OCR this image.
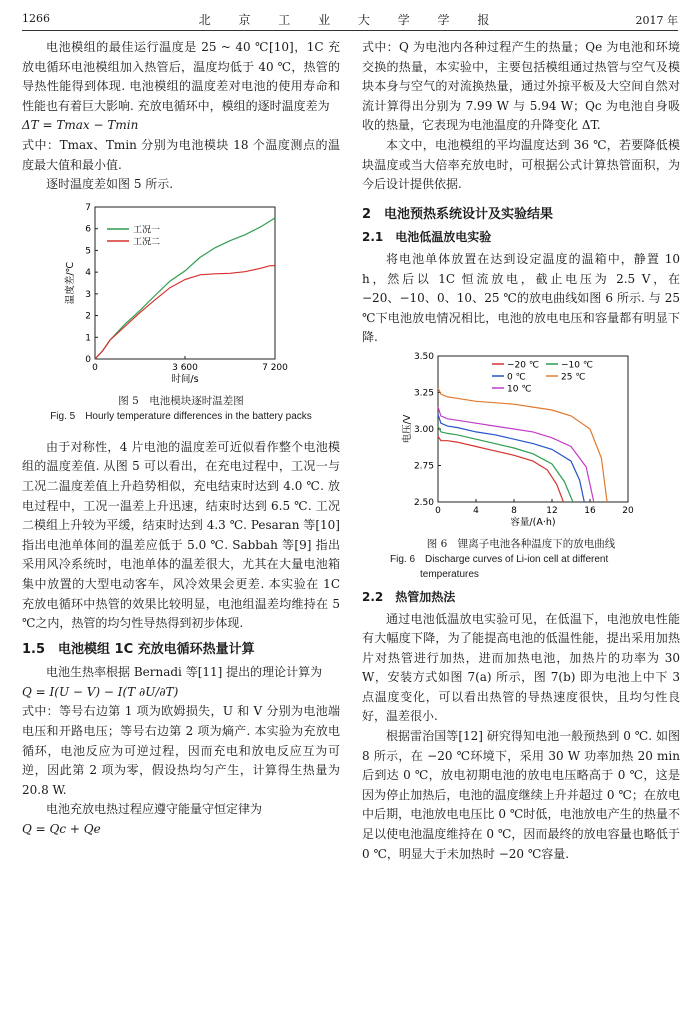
1266	北 京 工 业 大 学 学 报	2017 年

电池模组的最佳运行温度是 25 ~ 40 ℃[10]，1C 充放电循环电池模组加入热管后，温度均低于 40 ℃，热管的导热性能得到体现. 电池模组的温度差对电池的使用寿命和性能也有着巨大影响. 充放电循环中，模组的逐时温度差为

ΔT = Tmax − Tmin

式中：Tmax、Tmin 分别为电池模块 18 个温度测点的温度最大值和最小值.

逐时温度差如图 5 所示.

0	3 600	7 200
0
1
2
3
4
5
6
7
时间/s
温度差/℃
工况一
工况二
图 5　电池模块逐时温差图
Fig. 5　Hourly temperature differences in the battery packs

由于对称性，4 片电池的温度差可近似看作整个电池模组的温度差值. 从图 5 可以看出，在充电过程中，工况一与工况二温度差值上升趋势相似，充电结束时达到 4.0 ℃. 放电过程中，工况一温差上升迅速，结束时达到 6.5 ℃. 工况二模组上升较为平缓，结束时达到 4.3 ℃. Pesaran 等[10] 指出电池单体间的温差应低于 5.0 ℃. Sabbah 等[9] 指出采用风冷系统时，电池单体的温差很大，尤其在大量电池箱集中放置的大型电动客车，风冷效果会更差. 本实验在 1C 充放电循环中热管的效果比较明显，电池组温差均维持在 5 ℃之内，热管的均匀性导热得到初步体现.

1.5　电池模组 1C 充放电循环热量计算

电池生热率根据 Bernadi 等[11] 提出的理论计算为

Q = I(U − V) − I(T ∂U/∂T)

式中：等号右边第 1 项为欧姆损失，U 和 V 分别为电池端电压和开路电压；等号右边第 2 项为熵产. 本实验为充放电循环，电池反应为可逆过程，因而充电和放电反应互为可逆，因此第 2 项为零，假设热均匀产生，计算得生热量为 20.8 W.

电池充放电热过程应遵守能量守恒定律为

Q = Qc + Qe

式中：Q 为电池内各种过程产生的热量；Qe 为电池和环境交换的热量，本实验中，主要包括模组通过热管与空气及模块本身与空气的对流换热量，通过外掠平板及大空间自然对流计算得出分别为 7.99 W 与 5.94 W；Qc 为电池自身吸收的热量，它表现为电池温度的升降变化 ΔT.

本文中，电池模组的平均温度达到 36 ℃，若要降低模块温度或当大倍率充放电时，可根据公式计算热管面积，为今后设计提供依据.

2　电池预热系统设计及实验结果
2.1　电池低温放电实验

将电池单体放置在达到设定温度的温箱中，静置 10 h，然后以 1C 恒流放电，截止电压为 2.5 V，在 −20、−10、0、10、25 ℃的放电曲线如图 6 所示. 与 25 ℃下电池放电情况相比，电池的放电电压和容量都有明显下降.

0	4	8	12	16	20
2.50
2.75
3.00
3.25
3.50
容量/(A·h)
电压/V
−20 ℃ −10 ℃
0 ℃	25 ℃
10 ℃
图 6　锂离子电池各种温度下的放电曲线
Fig. 6　Discharge curves of Li-ion cell at different
temperatures
2.2　热管加热法

通过电池低温放电实验可见，在低温下，电池放电性能有大幅度下降，为了能提高电池的低温性能，提出采用加热片对热管进行加热，进而加热电池，加热片的功率为 30 W，安装方式如图 7(a) 所示，图 7(b) 即为电池上中下 3 点温度变化，可以看出热管的导热速度很快，且均匀性良好，温差很小.

根据雷治国等[12] 研究得知电池一般预热到 0 ℃. 如图 8 所示，在 −20 ℃环境下，采用 30 W 功率加热 20 min 后到达 0 ℃，放电初期电池的放电电压略高于 0 ℃，这是因为停止加热后，电池的温度继续上升并超过 0 ℃；在放电中后期，电池放电电压比 0 ℃时低，电池放电产生的热量不足以使电池温度维持在 0 ℃，因而最终的放电容量也略低于 0 ℃，明显大于未加热时 −20 ℃容量.
